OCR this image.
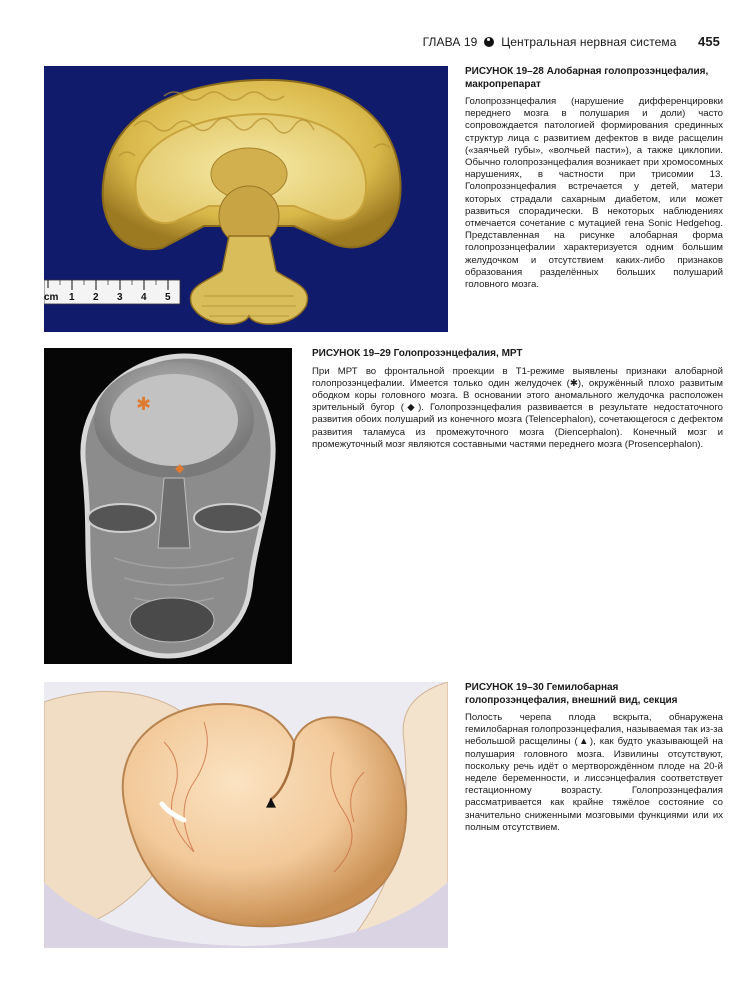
ГЛАВА 19 Центральная нервная система 455
cm 1 2 3 4 5
РИСУНОК 19–28 Алобарная голопрозэнцефалия, макропрепарат
Голопрозэнцефалия (нарушение дифференцировки переднего мозга в полушария и доли) часто сопровождается патологией формирования срединных структур лица с развитием дефектов в виде расщелин («заячьей губы», «волчьей пасти»), а также циклопии. Обычно голопрозэнцефалия возникает при хромосомных нарушениях, в частности при трисомии 13. Голопрозэнцефалия встречается у детей, матери которых страдали сахарным диабетом, или может развиться спорадически. В некоторых наблюдениях отмечается сочетание с мутацией гена Sonic Hedgehog. Представленная на рисунке алобарная форма голопрозэнцефалии характеризуется одним большим желудочком и отсутствием каких-либо признаков образования разделённых больших полушарий головного мозга.
✱
◆
РИСУНОК 19–29 Голопрозэнцефалия, МРТ
При МРТ во фронтальной проекции в T1-режиме выявлены признаки алобарной голопрозэнцефалии. Имеется только один желудочек (✱), окружённый плохо развитым ободком коры головного мозга. В основании этого аномального желудочка расположен зрительный бугор (◆). Голопрозэнцефалия развивается в результате недостаточного развития обоих полушарий из конечного мозга (Telencephalon), сочетающегося с дефектом развития таламуса из промежуточного мозга (Diencephalon). Конечный мозг и промежуточный мозг являются составными частями переднего мозга (Prosencephalon).
▲
РИСУНОК 19–30 Гемилобарная голопрозэнцефалия, внешний вид, секция
Полость черепа плода вскрыта, обнаружена гемилобарная голопрозэнцефалия, называемая так из-за небольшой расщелины (▲), как будто указывающей на полушария головного мозга. Извилины отсутствуют, поскольку речь идёт о мертворождённом плоде на 20-й неделе беременности, и лиссэнцефалия соответствует гестационному возрасту. Голопрозэнцефалия рассматривается как крайне тяжёлое состояние со значительно сниженными мозговыми функциями или их полным отсутствием.
